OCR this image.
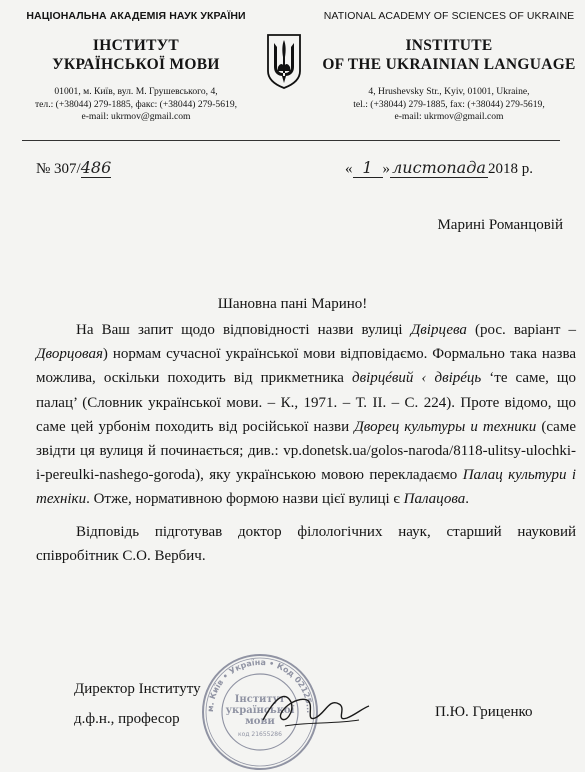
НАЦІОНАЛЬНА АКАДЕМІЯ НАУК УКРАЇНИ
ІНСТИТУТ
УКРАЇНСЬКОЇ МОВИ
01001, м. Київ, вул. М. Грушевського, 4,
тел.: (+38044) 279-1885, факс: (+38044) 279-5619,
e-mail: ukrmov@gmail.com
NATIONAL ACADEMY OF SCIENCES OF UKRAINE
INSTITUTE
OF THE UKRAINIAN LANGUAGE
4, Hrushevsky Str., Kyiv, 01001, Ukraine,
tel.: (+38044) 279-1885, fax: (+38044) 279-5619,
e-mail: ukrmov@gmail.com
№ 307/486	« 1 » листопада 2018 р.
Марині Романцовій
Шановна пані Марино!

На Ваш запит щодо відповідності назви вулиці Двірцева (рос. варіант – Дворцовая) нормам сучасної української мови відповідаємо. Формально така назва можлива, оскільки походить від прикметника двірцéвий ‹ двірéць ‘те саме, що палац’ (Словник української мови. – К., 1971. – Т. ІІ. – С. 224). Проте відомо, що саме цей урбонім походить від російської назви Дворец культуры и техники (саме звідти ця вулиця й починається; див.: vp.donetsk.ua/golos-naroda/8118-ulitsy-ulochki-i-pereulki-nashego-goroda), яку українською мовою перекладаємо Палац культури і техніки. Отже, нормативною формою назви цієї вулиці є Палацова.

Відповідь підготував доктор філологічних наук, старший науковий співробітник С.О. Вербич.

м. Київ • Україна • Код 02125...
Інститут
української
мови
код 21655286
Директор Інституту
д.ф.н., професор	П.Ю. Гриценко
